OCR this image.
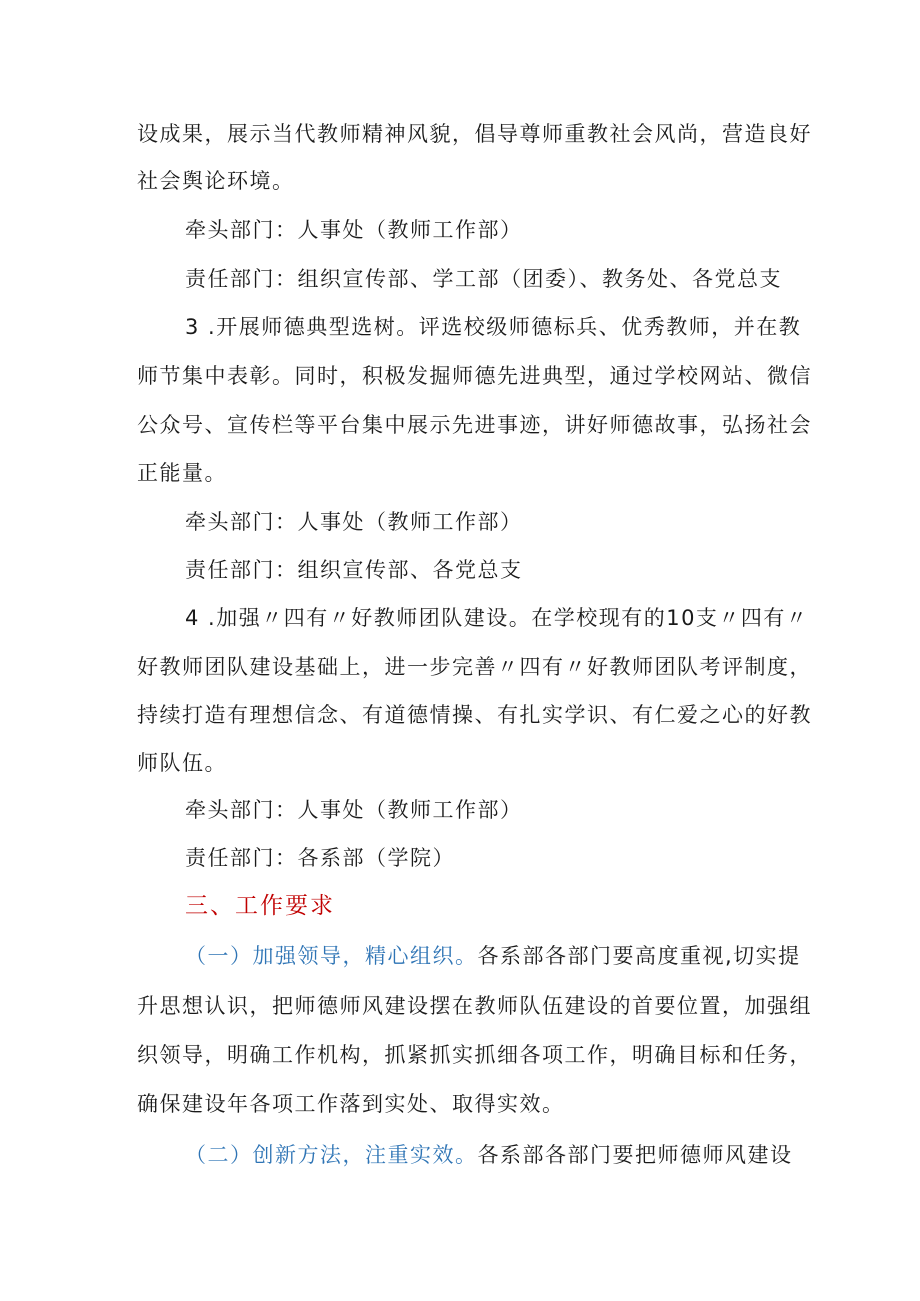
设成果，展示当代教师精神风貌，倡导尊师重教社会风尚，营造良好
社会舆论环境。
牵头部门：人事处（教师工作部）
责任部门：组织宣传部、学工部（团委）、教务处、各党总支
3 .开展师德典型选树。评选校级师德标兵、优秀教师，并在教
师节集中表彰。同时，积极发掘师德先进典型，通过学校网站、微信
公众号、宣传栏等平台集中展示先进事迹，讲好师德故事，弘扬社会
正能量。
牵头部门：人事处（教师工作部）
责任部门：组织宣传部、各党总支
4 .加强〃四有〃好教师团队建设。在学校现有的10支〃四有〃
好教师团队建设基础上，进一步完善〃四有〃好教师团队考评制度，
持续打造有理想信念、有道德情操、有扎实学识、有仁爱之心的好教
师队伍。
牵头部门：人事处（教师工作部）
责任部门：各系部（学院）
三、工作要求
（一）加强领导，精心组织。各系部各部门要高度重视,切实提
升思想认识，把师德师风建设摆在教师队伍建设的首要位置，加强组
织领导，明确工作机构，抓紧抓实抓细各项工作，明确目标和任务，
确保建设年各项工作落到实处、取得实效。
（二）创新方法，注重实效。各系部各部门要把师德师风建设
